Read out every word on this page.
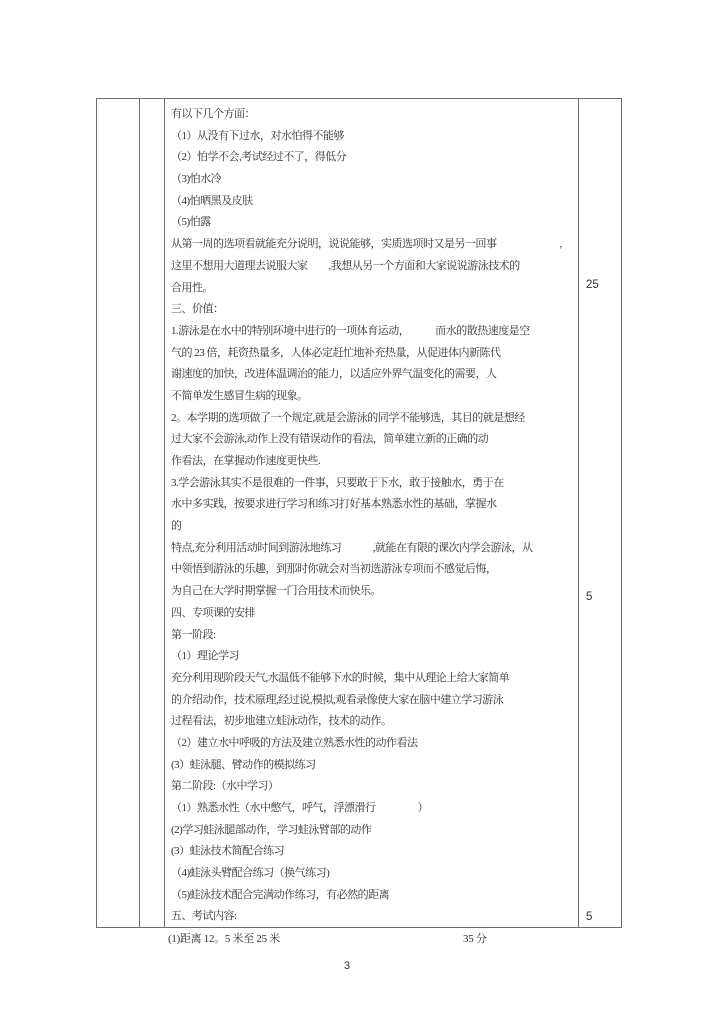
有以下几个方面：
（1）从没有下过水，对水怕得不能够
（2）怕学不会,考试经过不了，得低分
（3)怕水冷
（4)怕晒黑及皮肤
（5)怕露
从第一周的选项看就能充分说明，说说能够，实质选项时又是另一回事　　　　　　,
这里不想用大道理去说服大家　　,我想从另一个方面和大家说说游泳技术的
合用性。
三、价值：
1.游泳是在水中的特别环境中进行的一项体育运动，　　　而水的散热速度是空
气的 23 倍，耗资热量多，人体必定赶忙地补充热量，从促进体内新陈代
谢速度的加快，改进体温调治的能力，以适应外界气温变化的需要，人
不简单发生感冒生病的现象。
2。本学期的选项做了一个规定,就是会游泳的同学不能够选，其目的就是想经
过大家不会游泳,动作上没有错误动作的看法，简单建立新的正确的动
作看法，在掌握动作速度更快些.
3.学会游泳其实不是很难的一件事，只要敢于下水，敢于接触水，勇于在
水中多实践，按要求进行学习和练习打好基本熟悉水性的基础，掌握水
的
特点,充分利用活动时间到游泳地练习　　　,就能在有限的课次内学会游泳，从
中领悟到游泳的乐趣，到那时你就会对当初选游泳专项而不感觉后悔，
为自己在大学时期掌握一门合用技术而快乐。
四、专项课的安排
第一阶段:
（1）理论学习
充分利用现阶段天气,水温低不能够下水的时候，集中从理论上给大家简单
的介绍动作，技术原理,经过说,模拟,观看录像使大家在脑中建立学习游泳
过程看法，初步地建立蛙泳动作，技术的动作。
（2）建立水中呼吸的方法及建立熟悉水性的动作看法
(3）蛙泳腿、臂动作的模拟练习
第二阶段:（水中学习）
（1）熟悉水性（水中憋气，呼气，浮漂滑行　　　　）
(2)学习蛙泳腿部动作，学习蛙泳臂部的动作
(3）蛙泳技术简配合练习
（4)蛙泳头臂配合练习（换气练习)
（5)蛙泳技术配合完满动作练习，有必然的距离
五、考试内容:
25
5
5
(1)距离 12。5 米至 25 米	35 分
3
